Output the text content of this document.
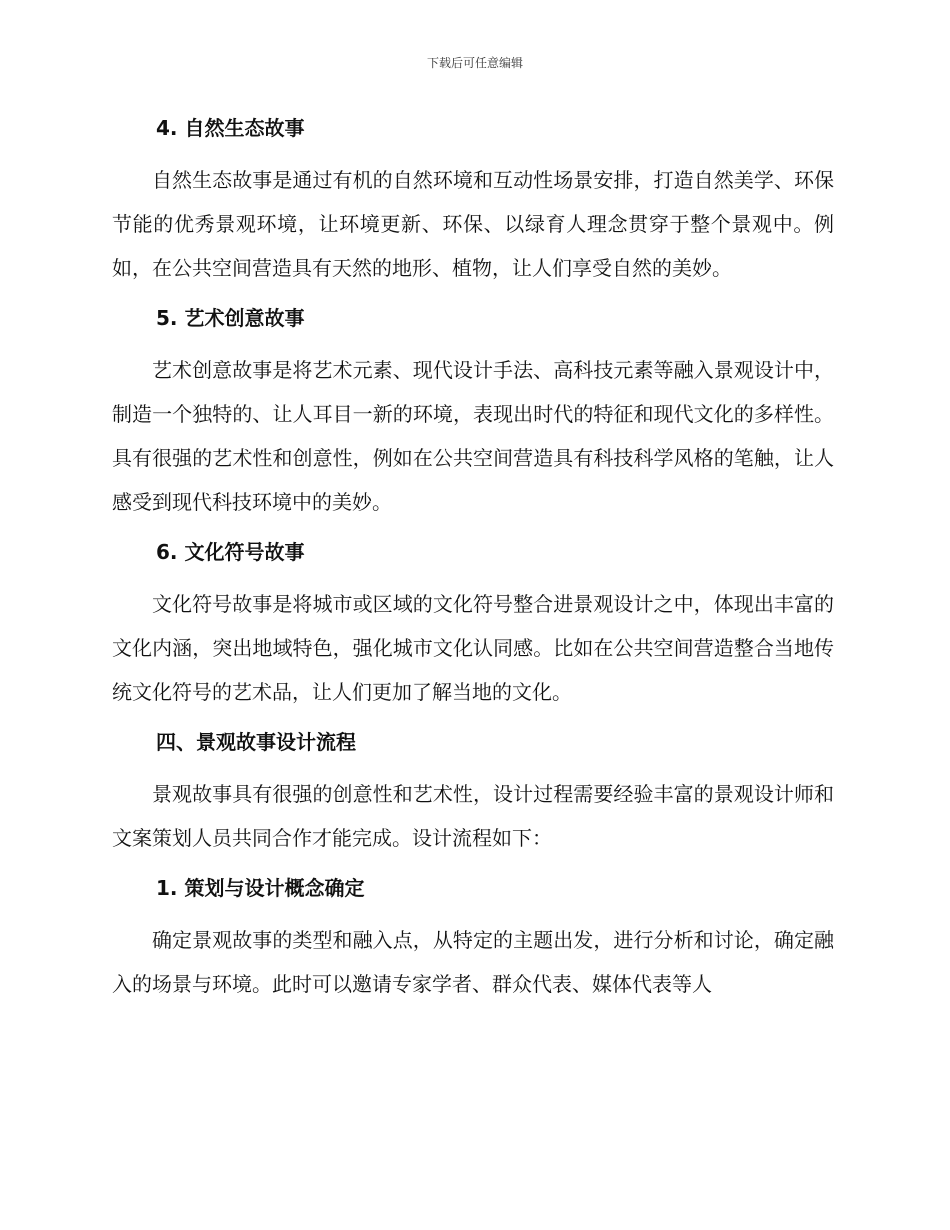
下载后可任意编辑
4. 自然生态故事

自然生态故事是通过有机的自然环境和互动性场景安排，打造自然美学、环保节能的优秀景观环境，让环境更新、环保、以绿育人理念贯穿于整个景观中。例如，在公共空间营造具有天然的地形、植物，让人们享受自然的美妙。

5. 艺术创意故事

艺术创意故事是将艺术元素、现代设计手法、高科技元素等融入景观设计中，制造一个独特的、让人耳目一新的环境，表现出时代的特征和现代文化的多样性。具有很强的艺术性和创意性，例如在公共空间营造具有科技科学风格的笔触，让人感受到现代科技环境中的美妙。

6. 文化符号故事

文化符号故事是将城市或区域的文化符号整合进景观设计之中，体现出丰富的文化内涵，突出地域特色，强化城市文化认同感。比如在公共空间营造整合当地传统文化符号的艺术品，让人们更加了解当地的文化。

四、景观故事设计流程

景观故事具有很强的创意性和艺术性，设计过程需要经验丰富的景观设计师和文案策划人员共同合作才能完成。设计流程如下：

1. 策划与设计概念确定

确定景观故事的类型和融入点，从特定的主题出发，进行分析和讨论，确定融入的场景与环境。此时可以邀请专家学者、群众代表、媒体代表等人
